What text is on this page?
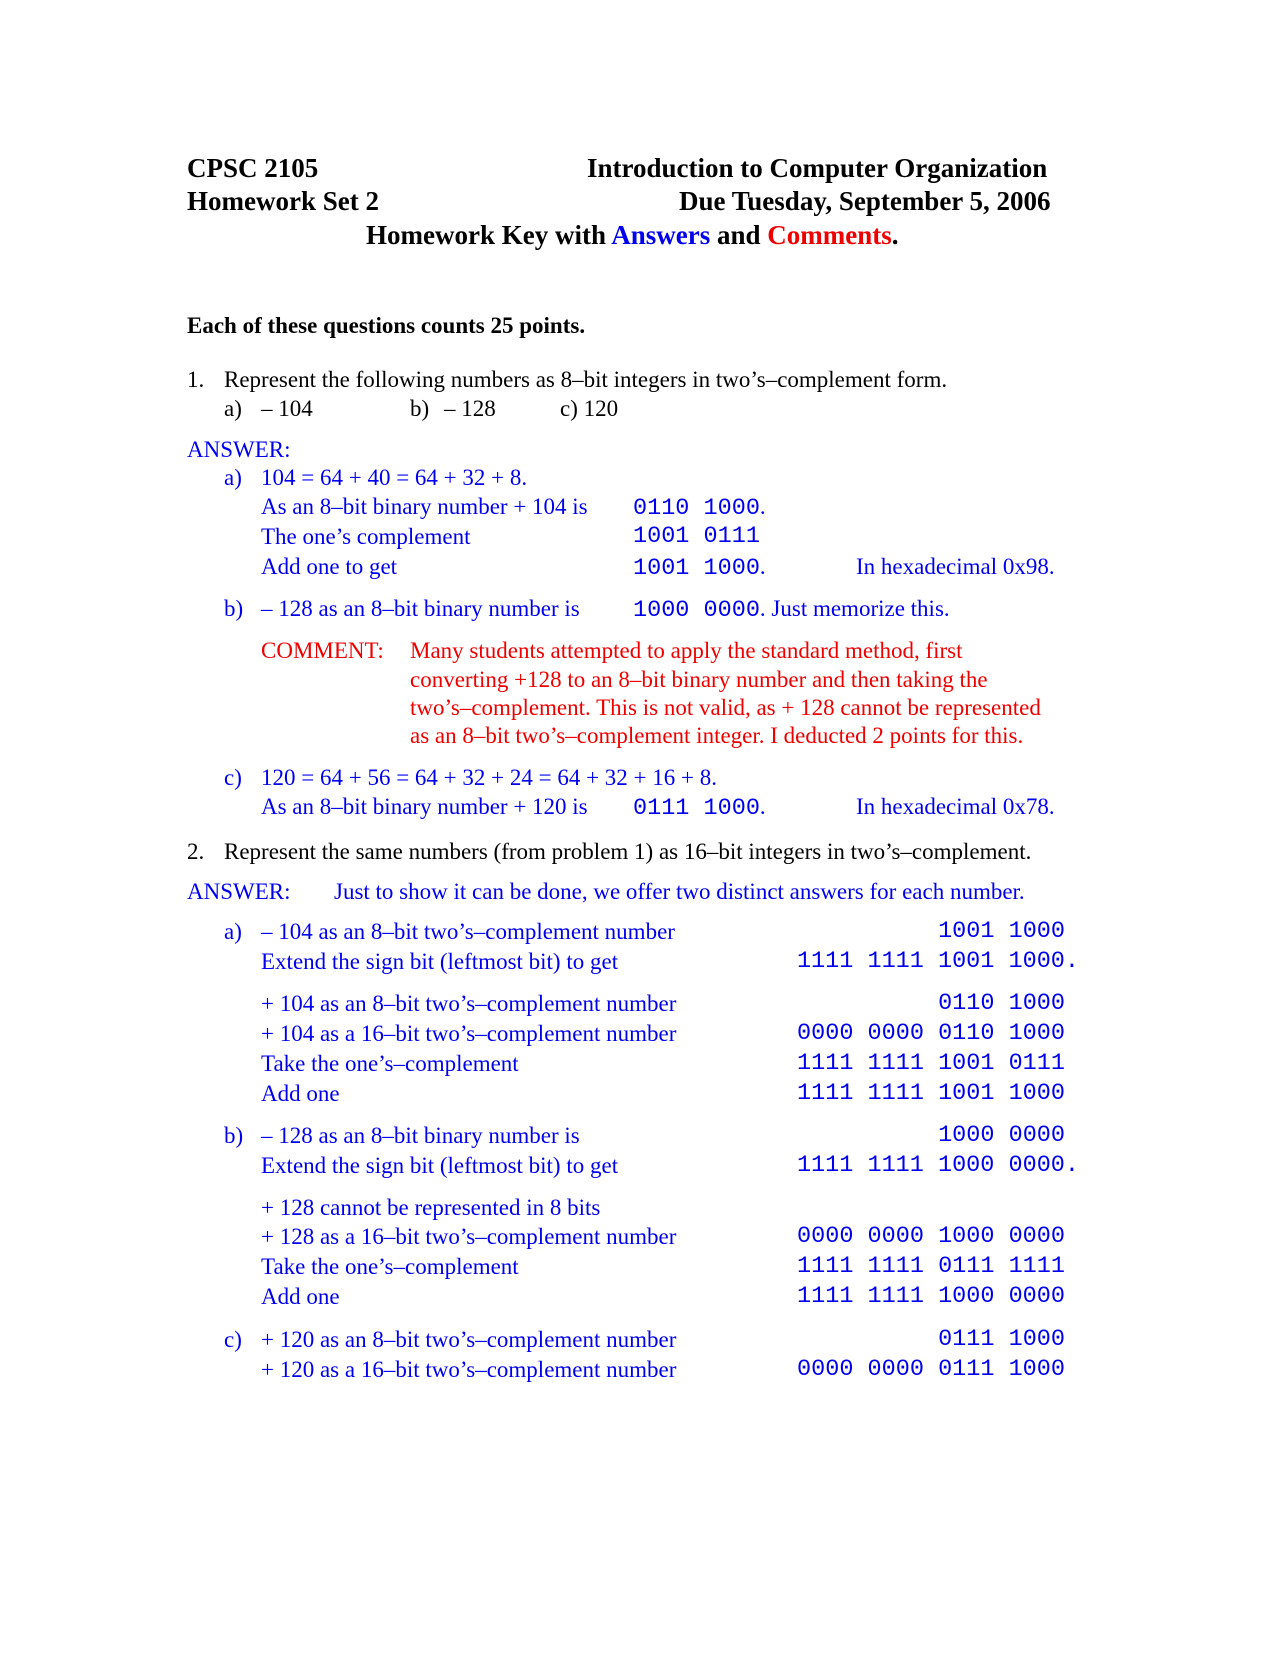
CPSC 2105	Introduction to Computer Organization
Homework Set 2	Due Tuesday, September 5, 2006
Homework Key with Answers and Comments.
Each of these questions counts 25 points.
1. Represent the following numbers as 8–bit integers in two’s–complement form.
a) – 104	b) – 128	c) 120
ANSWER:
a) 104 = 64 + 40 = 64 + 32 + 8.
As an 8–bit binary number + 104 is 0110 1000.
The one’s complement	1001 0111
Add one to get	1001 1000.	In hexadecimal 0x98.
b) – 128 as an 8–bit binary number is 1000 0000. Just memorize this.
COMMENT: Many students attempted to apply the standard method, first
converting +128 to an 8–bit binary number and then taking the
two’s–complement. This is not valid, as + 128 cannot be represented
as an 8–bit two’s–complement integer. I deducted 2 points for this.
c) 120 = 64 + 56 = 64 + 32 + 24 = 64 + 32 + 16 + 8.
As an 8–bit binary number + 120 is 0111 1000.	In hexadecimal 0x78.
2. Represent the same numbers (from problem 1) as 16–bit integers in two’s–complement.
ANSWER: Just to show it can be done, we offer two distinct answers for each number.
a) – 104 as an 8–bit two’s–complement number	1001 1000
Extend the sign bit (leftmost bit) to get	1111 1111 1001 1000.
+ 104 as an 8–bit two’s–complement number	0110 1000
+ 104 as a 16–bit two’s–complement number	0000 0000 0110 1000
Take the one’s–complement	1111 1111 1001 0111
Add one	1111 1111 1001 1000
b) – 128 as an 8–bit binary number is	1000 0000
Extend the sign bit (leftmost bit) to get	1111 1111 1000 0000.
+ 128 cannot be represented in 8 bits
+ 128 as a 16–bit two’s–complement number	0000 0000 1000 0000
Take the one’s–complement	1111 1111 0111 1111
Add one	1111 1111 1000 0000
c) + 120 as an 8–bit two’s–complement number	0111 1000
+ 120 as a 16–bit two’s–complement number	0000 0000 0111 1000
